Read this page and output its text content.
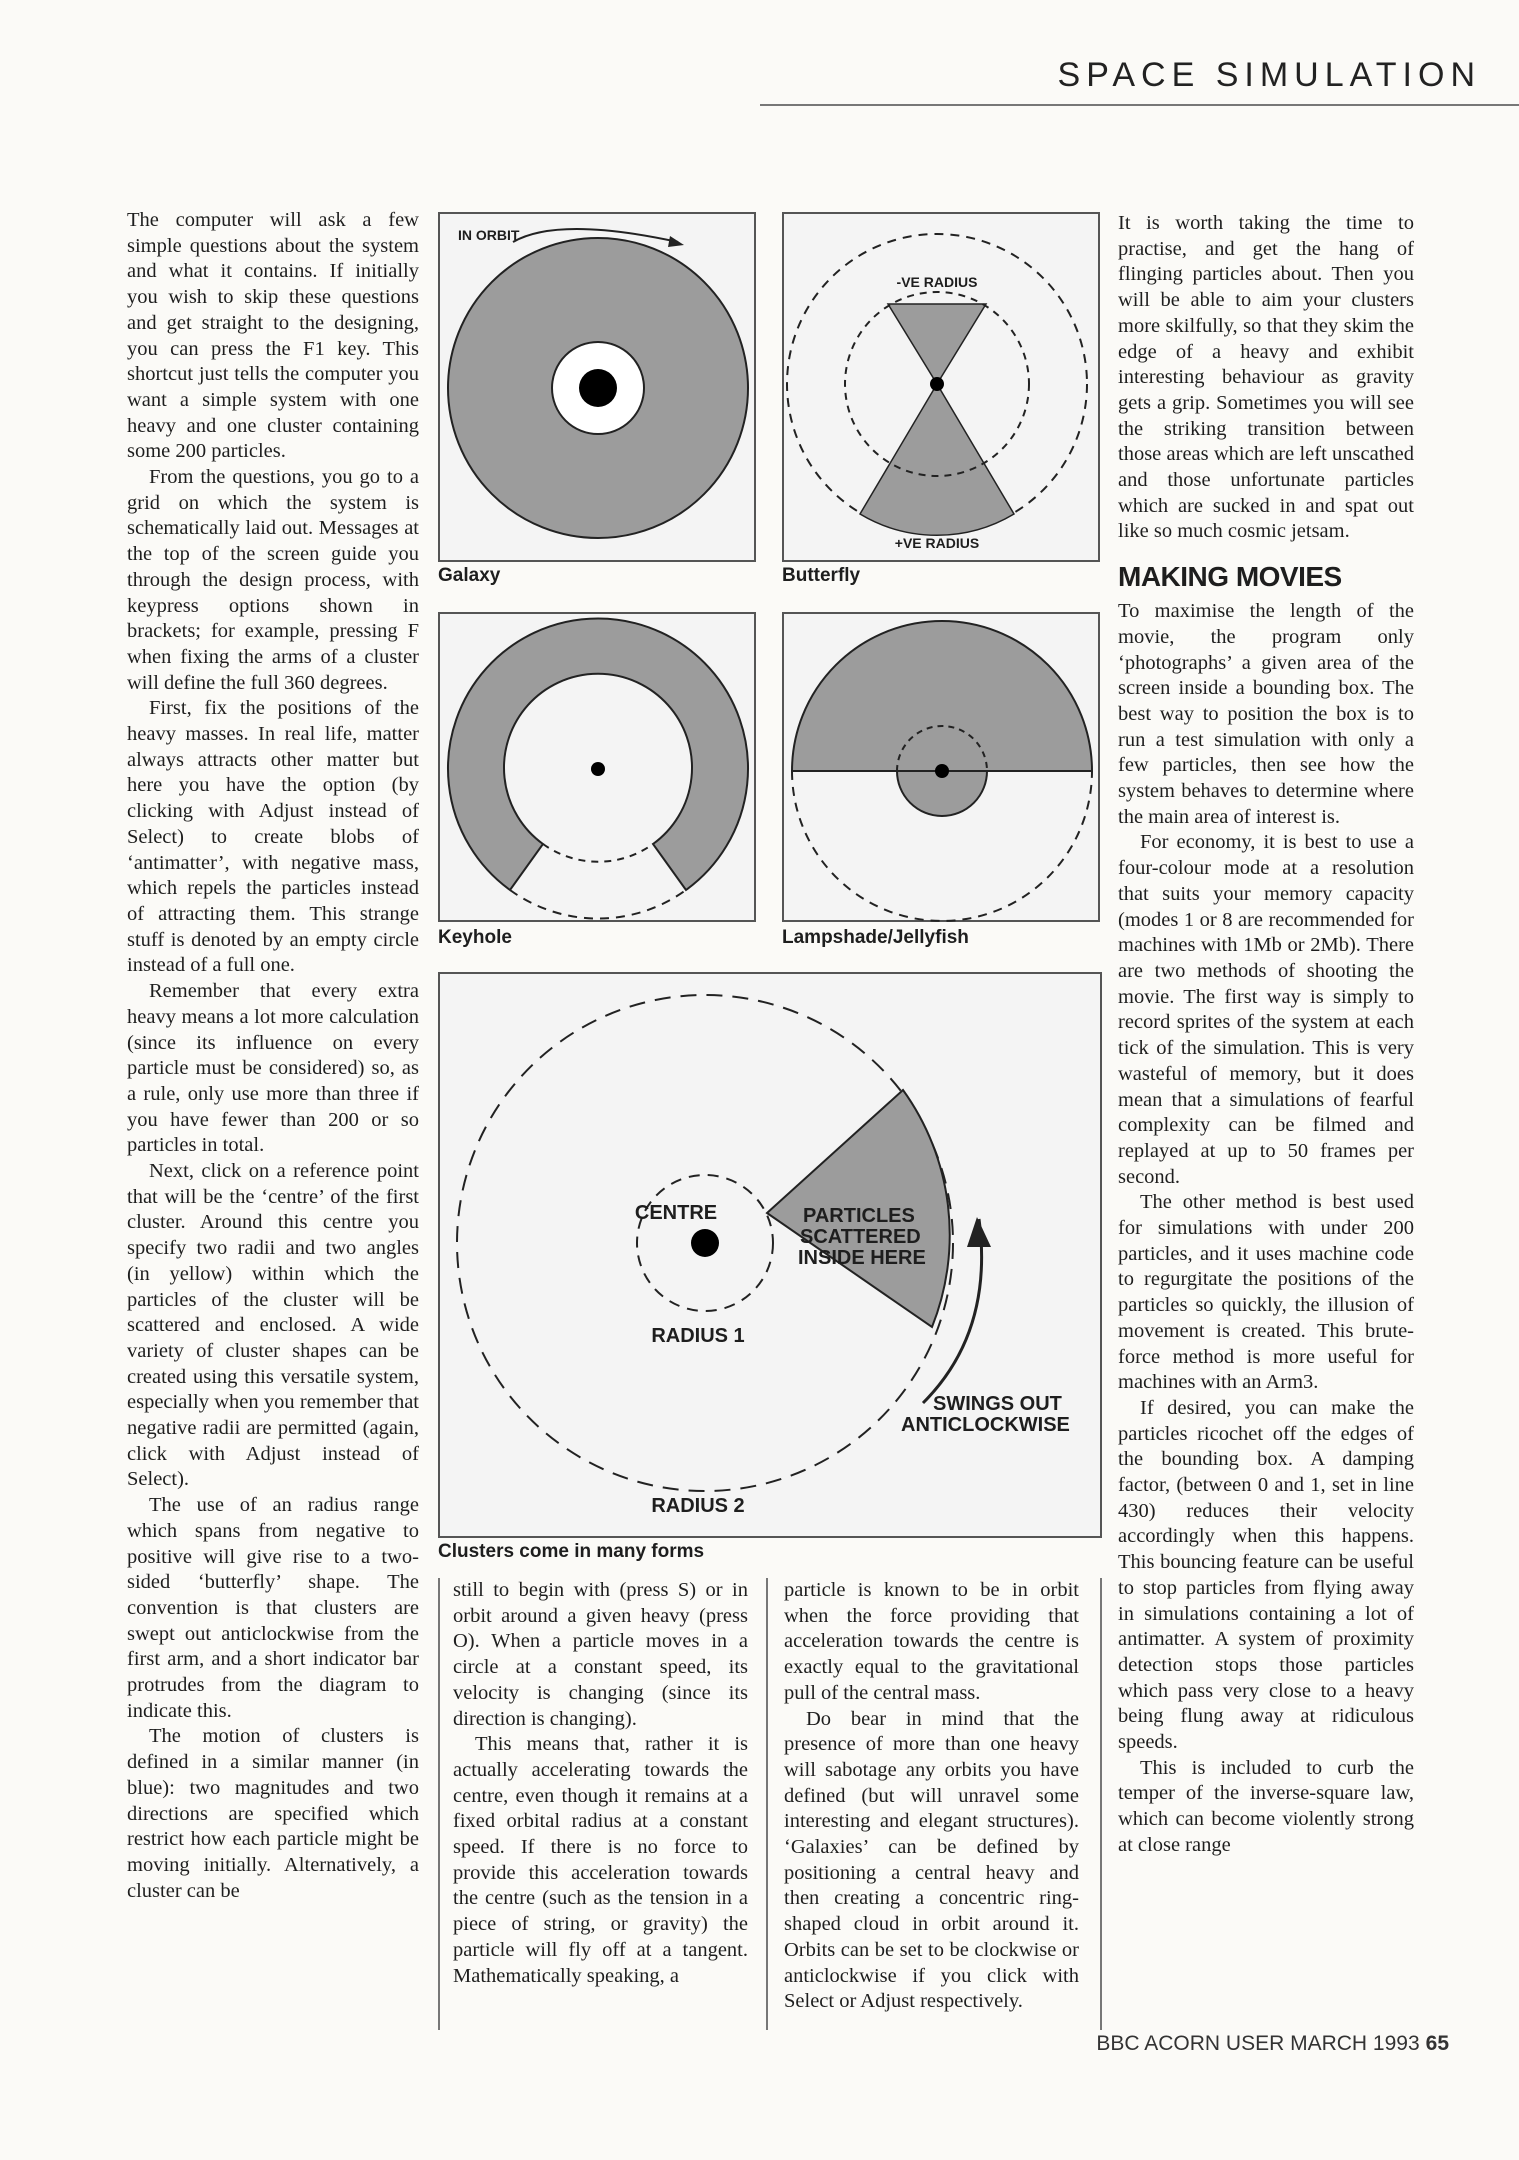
SPACE SIMULATION

The computer will ask a few simple questions about the system and what it contains. If initially you wish to skip these questions and get straight to the designing, you can press the F1 key. This shortcut just tells the computer you want a simple system with one heavy and one cluster containing some 200 particles.

From the questions, you go to a grid on which the system is schematically laid out. Messages at the top of the screen guide you through the design process, with keypress options shown in brackets; for example, pressing F when fixing the arms of a cluster will define the full 360 degrees.

First, fix the positions of the heavy masses. In real life, matter always attracts other matter but here you have the option (by clicking with Adjust instead of Select) to create blobs of ‘antimatter’, with negative mass, which repels the particles instead of attracting them. This strange stuff is denoted by an empty circle instead of a full one.

Remember that every extra heavy means a lot more calculation (since its influence on every particle must be considered) so, as a rule, only use more than three if you have fewer than 200 or so particles in total.

Next, click on a reference point that will be the ‘centre’ of the first cluster. Around this centre you specify two radii and two angles (in yellow) within which the particles of the cluster will be scattered and enclosed. A wide variety of cluster shapes can be created using this versatile system, especially when you remember that negative radii are permitted (again, click with Adjust instead of Select).

The use of an radius range which spans from negative to positive will give rise to a two-sided ‘butterfly’ shape. The convention is that clusters are swept out anticlockwise from the first arm, and a short indicator bar protrudes from the diagram to indicate this.

The motion of clusters is defined in a similar manner (in blue): two magnitudes and two directions are specified which restrict how each particle might be moving initially. Alternatively, a cluster can be

IN ORBIT
Galaxy
-VE RADIUS
+VE RADIUS
Butterfly
Keyhole	Lampshade/Jellyfish
CENTRE	PARTICLES
SCATTERED
INSIDE HERE
RADIUS 1
RADIUS 2
SWINGS OUT
ANTICLOCKWISE
Clusters come in many forms

still to begin with (press S) or in orbit around a given heavy (press O). When a particle moves in a circle at a constant speed, its velocity is changing (since its direction is changing).

This means that, rather it is actually accelerating towards the centre, even though it remains at a fixed orbital radius at a constant speed. If there is no force to provide this acceleration towards the centre (such as the tension in a piece of string, or gravity) the particle will fly off at a tangent. Mathematically speaking, a

particle is known to be in orbit when the force providing that acceleration towards the centre is exactly equal to the gravitational pull of the central mass.

Do bear in mind that the presence of more than one heavy will sabotage any orbits you have defined (but will unravel some interesting and elegant structures). ‘Galaxies’ can be defined by positioning a central heavy and then creating a concentric ring-shaped cloud in orbit around it. Orbits can be set to be clockwise or anticlockwise if you click with Select or Adjust respectively.

It is worth taking the time to practise, and get the hang of flinging particles about. Then you will be able to aim your clusters more skilfully, so that they skim the edge of a heavy and exhibit interesting behaviour as gravity gets a grip. Sometimes you will see the striking transition between those areas which are left unscathed and those unfortunate particles which are sucked in and spat out like so much cosmic jetsam.

MAKING MOVIES

To maximise the length of the movie, the program only ‘photographs’ a given area of the screen inside a bounding box. The best way to position the box is to run a test simulation with only a few particles, then see how the system behaves to determine where the main area of interest is.

For economy, it is best to use a four-colour mode at a resolution that suits your memory capacity (modes 1 or 8 are recommended for machines with 1Mb or 2Mb). There are two methods of shooting the movie. The first way is simply to record sprites of the system at each tick of the simulation. This is very wasteful of memory, but it does mean that a simulations of fearful complexity can be filmed and replayed at up to 50 frames per second.

The other method is best used for simulations with under 200 particles, and it uses machine code to regurgitate the positions of the particles so quickly, the illusion of movement is created. This brute-force method is more useful for machines with an Arm3.

If desired, you can make the particles ricochet off the edges of the bounding box. A damping factor, (between 0 and 1, set in line 430) reduces their velocity accordingly when this happens. This bouncing feature can be useful to stop particles from flying away in simulations containing a lot of antimatter. A system of proximity detection stops those particles which pass very close to a heavy being flung away at ridiculous speeds.

This is included to curb the temper of the inverse-square law, which can become violently strong at close range

BBC ACORN USER MARCH 1993 65
